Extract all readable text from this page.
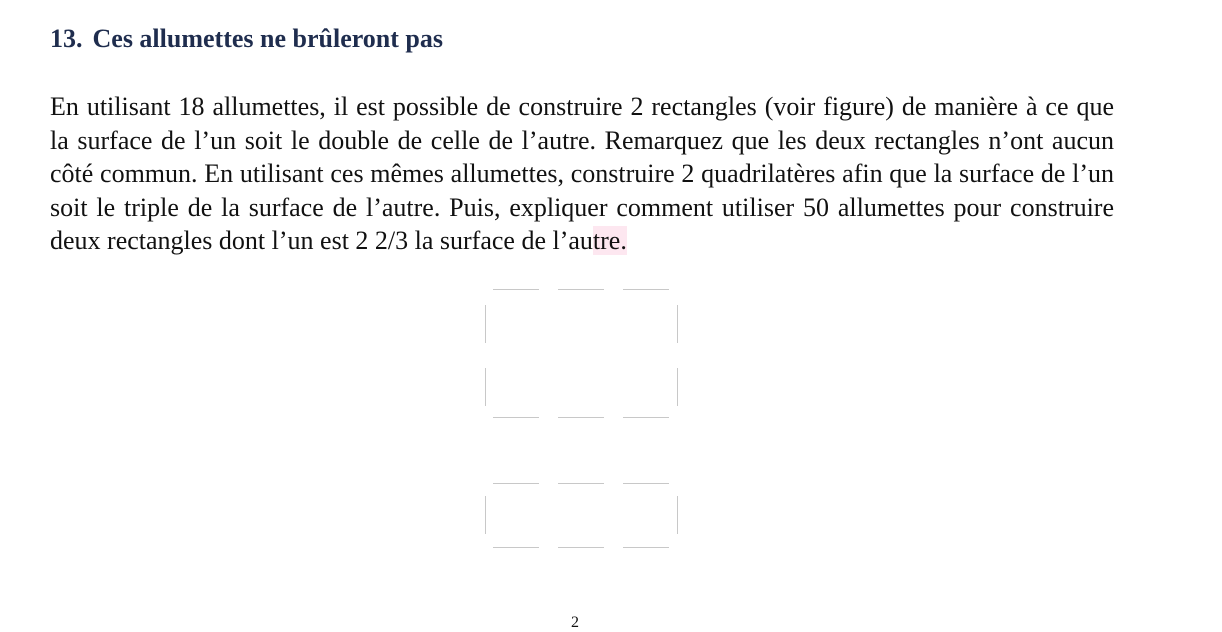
13. Ces allumettes ne brûleront pas

En utilisant 18 allumettes, il est possible de construire 2 rectangles (voir figure) de manière à ce que la surface de l’un soit le double de celle de l’autre. Remarquez que les deux rectangles n’ont aucun côté commun. En utilisant ces mêmes allumettes, construire 2 quadrilatères afin que la surface de l’un soit le triple de la surface de l’autre. Puis, expliquer comment utiliser 50 allumettes pour construire deux rectangles dont l’un est 2 2/3 la surface de l’autre.

2
